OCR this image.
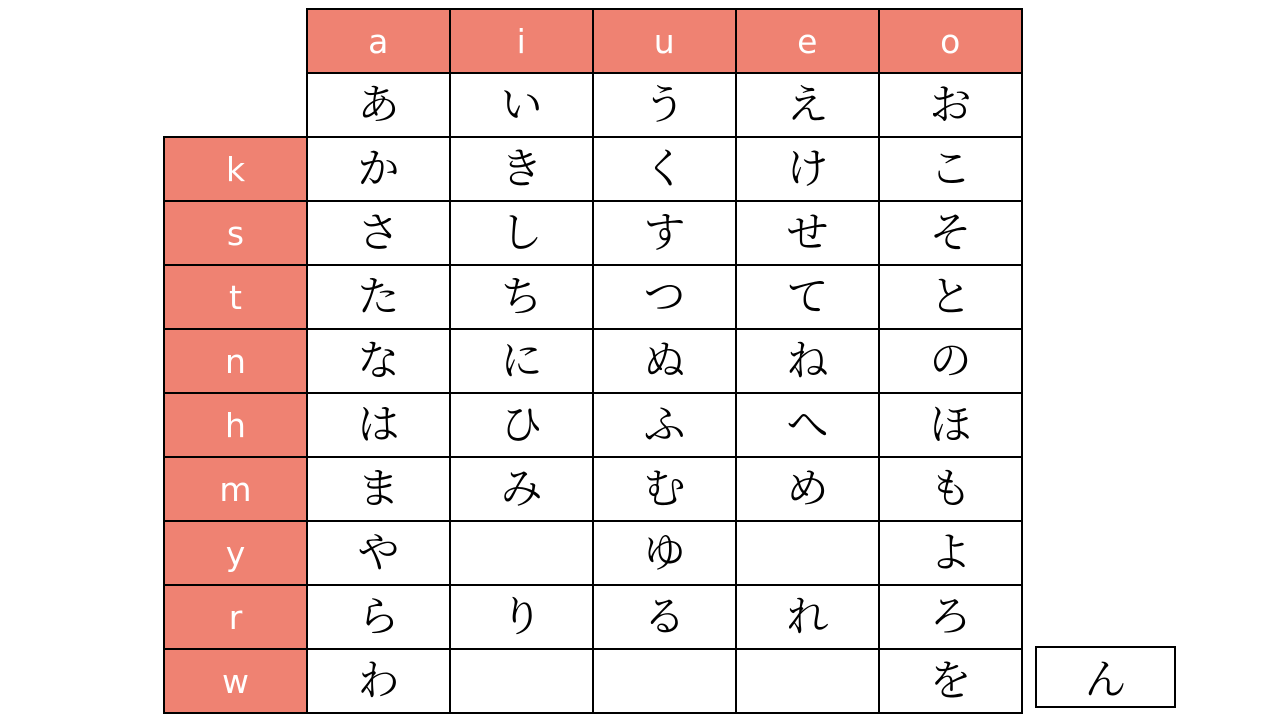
	a	i	u	e	o
	あ	い	う	え	お
k	か	き	く	け	こ
s	さ	し	す	せ	そ
t	た	ち	つ	て	と
n	な	に	ぬ	ね	の
h	は	ひ	ふ	へ	ほ
m	ま	み	む	め	も
y	や		ゆ		よ
r	ら	り	る	れ	ろ
w	わ				を	ん
